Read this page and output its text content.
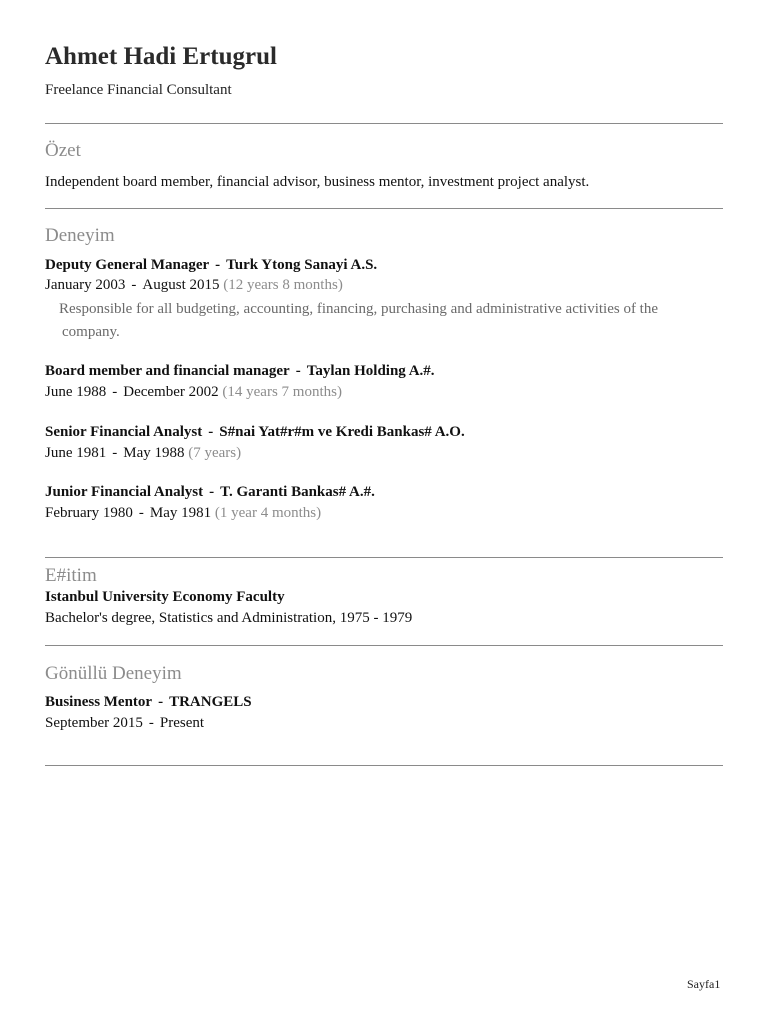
Ahmet Hadi Ertugrul
Freelance Financial Consultant
Özet
Independent board member, financial advisor, business mentor, investment project analyst.
Deneyim
Deputy General Manager - Turk Ytong Sanayi A.S.
January 2003 - August 2015 (12 years 8 months)
Responsible for all budgeting, accounting, financing, purchasing and administrative activities of the
company.
Board member and financial manager - Taylan Holding A.#.
June 1988 - December 2002 (14 years 7 months)
Senior Financial Analyst - S#nai Yat#r#m ve Kredi Bankas# A.O.
June 1981 - May 1988 (7 years)
Junior Financial Analyst - T. Garanti Bankas# A.#.
February 1980 - May 1981 (1 year 4 months)
E#itim
Istanbul University Economy Faculty
Bachelor's degree, Statistics and Administration, 1975 - 1979
Gönüllü Deneyim
Business Mentor - TRANGELS
September 2015 - Present
Sayfa1
